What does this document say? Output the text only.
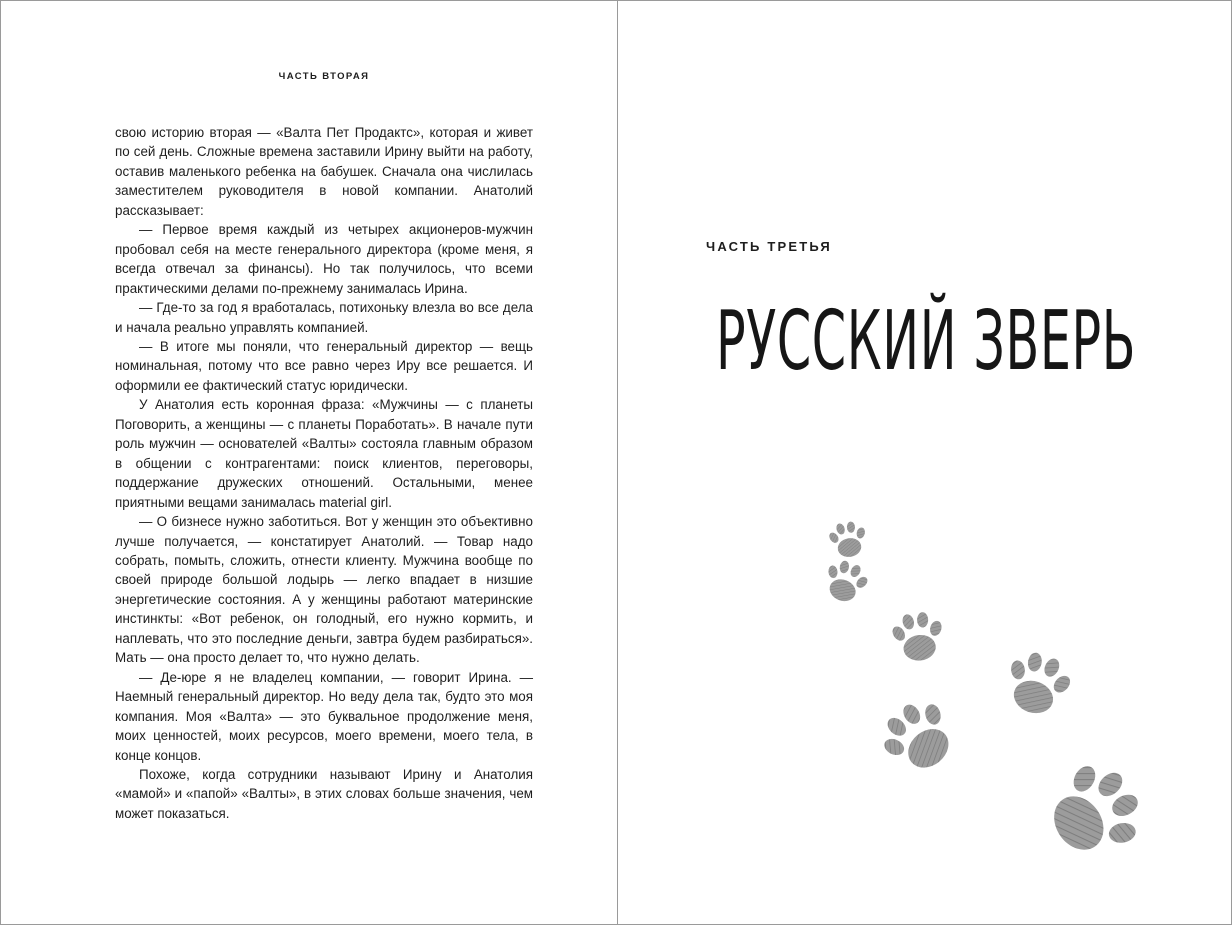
ЧАСТЬ ВТОРАЯ

свою историю вторая — «Валта Пет Продактс», которая и живет по сей день. Сложные времена заставили Ирину выйти на работу, оставив маленького ребенка на бабушек. Сначала она числилась заместителем руководителя в новой компании. Анатолий рассказывает:

— Первое время каждый из четырех акционеров-мужчин пробовал себя на месте генерального директора (кроме меня, я всегда отвечал за финансы). Но так получилось, что всеми практическими делами по-прежнему занималась Ирина.

— Где-то за год я вработалась, потихоньку влезла во все дела и начала реально управлять компанией.

— В итоге мы поняли, что генеральный директор — вещь номинальная, потому что все равно через Иру все решается. И оформили ее фактический статус юридически.

У Анатолия есть коронная фраза: «Мужчины — с планеты Поговорить, а женщины — с планеты Поработать». В начале пути роль мужчин — основателей «Валты» состояла главным образом в общении с контрагентами: поиск клиентов, переговоры, поддержание дружеских отношений. Остальными, менее приятными вещами занималась material girl.

— О бизнесе нужно заботиться. Вот у женщин это объективно лучше получается, — констатирует Анатолий. — Товар надо собрать, помыть, сложить, отнести клиенту. Мужчина вообще по своей природе большой лодырь — легко впадает в низшие энергетические состояния. А у женщины работают материнские инстинкты: «Вот ребенок, он голодный, его нужно кормить, и наплевать, что это последние деньги, завтра будем разбираться». Мать — она просто делает то, что нужно делать.

— Де-юре я не владелец компании, — говорит Ирина. — Наемный генеральный директор. Но веду дела так, будто это моя компания. Моя «Валта» — это буквальное продолжение меня, моих ценностей, моих ресурсов, моего времени, моего тела, в конце концов.

Похоже, когда сотрудники называют Ирину и Анатолия «мамой» и «папой» «Валты», в этих словах больше значения, чем может показаться.

ЧАСТЬ ТРЕТЬЯ
РУССКИЙ ЗВЕРЬ
